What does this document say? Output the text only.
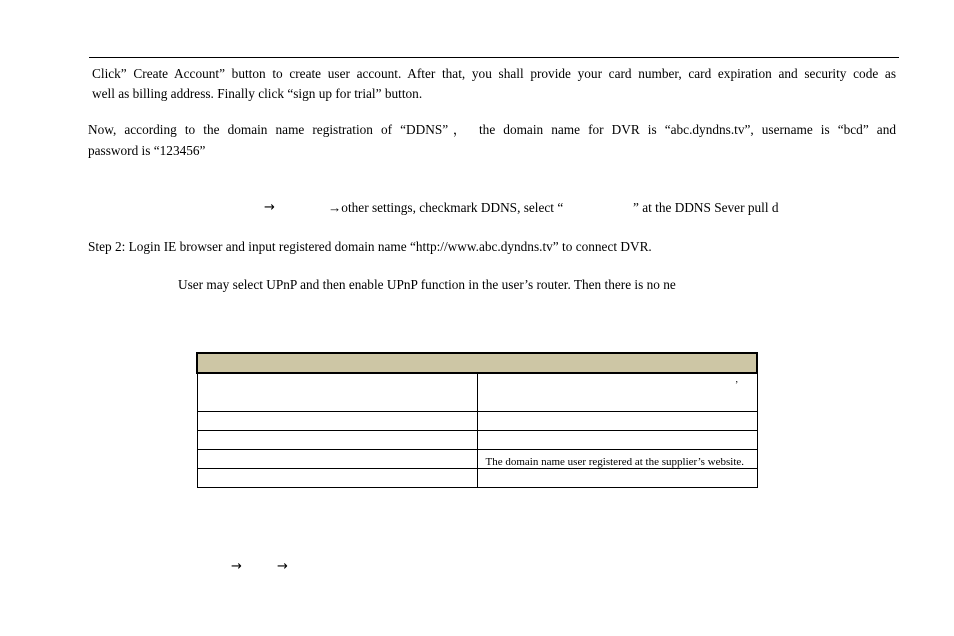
Click” Create Account” button to create user account. After that, you shall provide your card number, card expiration and security code as
well as billing address. Finally click “sign up for trial” button.
Now, according to the domain name registration of “DDNS”， the domain name for DVR is “abc.dyndns.tv”, username is “bcd” and
password is “123456”
→	→other settings, checkmark DDNS, select “	” at the DDNS Sever pull d
Step 2: Login IE browser and input registered domain name “http://www.abc.dyndns.tv” to connect DVR.
User may select UPnP and then enable UPnP function in the user’s router. Then there is no ne

	The domain name user registered at the supplier’s website.

’
→	→
